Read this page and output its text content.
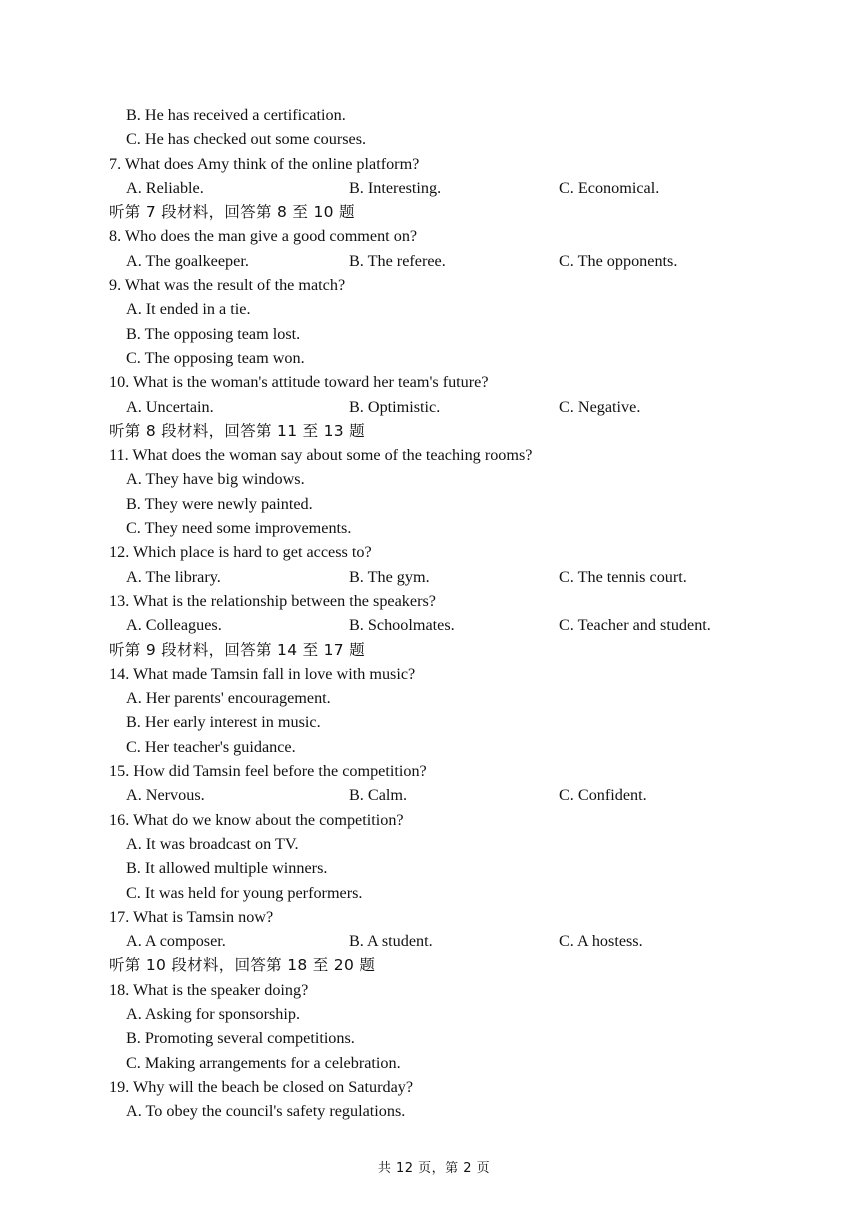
B. He has received a certification.
C. He has checked out some courses.
7. What does Amy think of the online platform?
A. Reliable.	B. Interesting.	C. Economical.
听第 7 段材料，回答第 8 至 10 题
8. Who does the man give a good comment on?
A. The goalkeeper.	B. The referee.	C. The opponents.
9. What was the result of the match?
A. It ended in a tie.
B. The opposing team lost.
C. The opposing team won.
10. What is the woman's attitude toward her team's future?
A. Uncertain.	B. Optimistic.	C. Negative.
听第 8 段材料，回答第 11 至 13 题
11. What does the woman say about some of the teaching rooms?
A. They have big windows.
B. They were newly painted.
C. They need some improvements.
12. Which place is hard to get access to?
A. The library.	B. The gym.	C. The tennis court.
13. What is the relationship between the speakers?
A. Colleagues.	B. Schoolmates.	C. Teacher and student.
听第 9 段材料，回答第 14 至 17 题
14. What made Tamsin fall in love with music?
A. Her parents' encouragement.
B. Her early interest in music.
C. Her teacher's guidance.
15. How did Tamsin feel before the competition?
A. Nervous.	B. Calm.	C. Confident.
16. What do we know about the competition?
A. It was broadcast on TV.
B. It allowed multiple winners.
C. It was held for young performers.
17. What is Tamsin now?
A. A composer.	B. A student.	C. A hostess.
听第 10 段材料，回答第 18 至 20 题
18. What is the speaker doing?
A. Asking for sponsorship.
B. Promoting several competitions.
C. Making arrangements for a celebration.
19. Why will the beach be closed on Saturday?
A. To obey the council's safety regulations.
共 12 页，第 2 页
